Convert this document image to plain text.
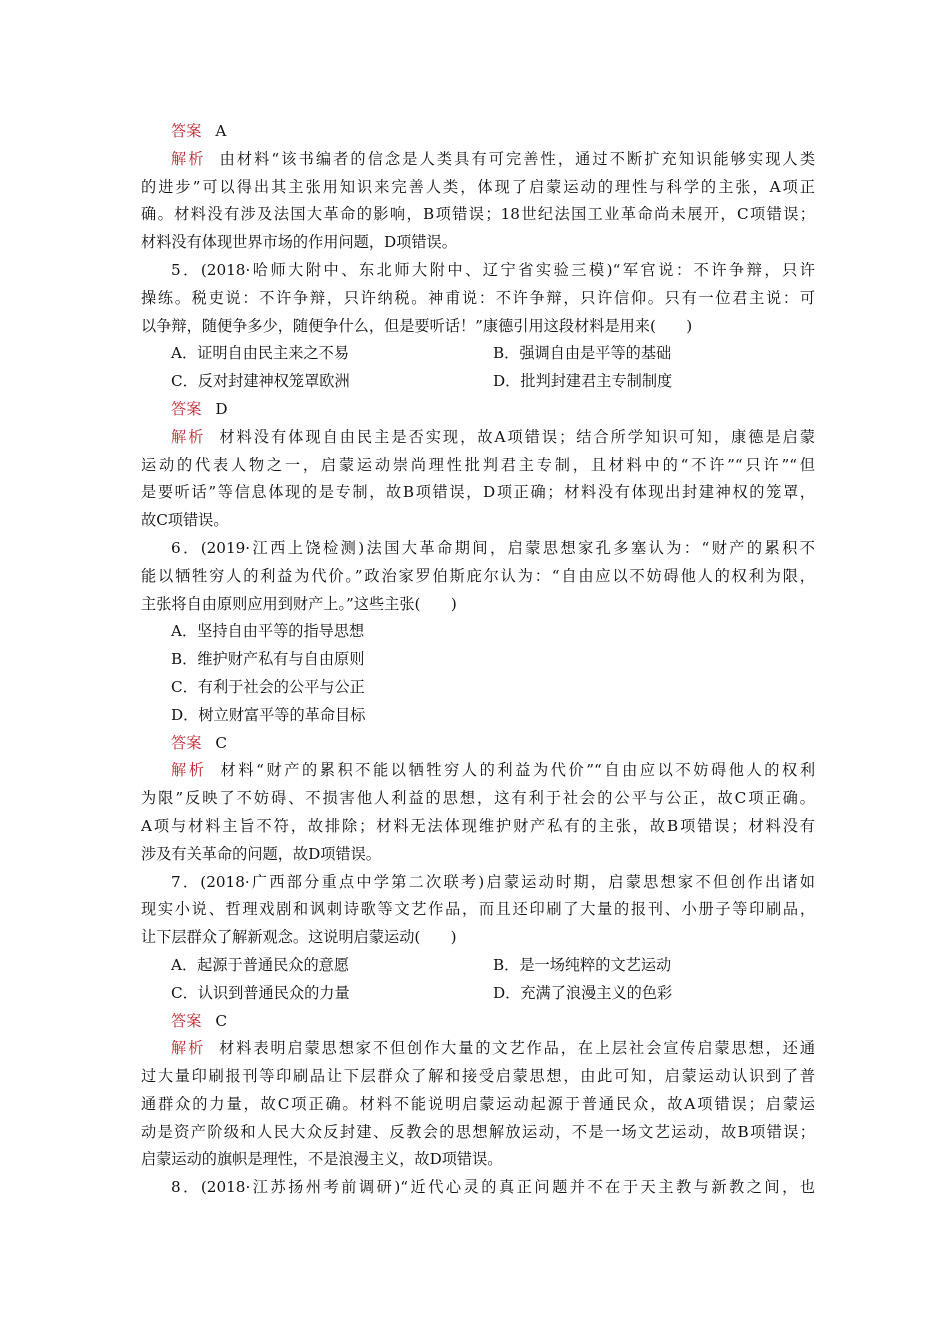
答案 A
解析 由材料“该书编者的信念是人类具有可完善性，通过不断扩充知识能够实现人类
的进步”可以得出其主张用知识来完善人类，体现了启蒙运动的理性与科学的主张，A项正
确。材料没有涉及法国大革命的影响，B项错误；18世纪法国工业革命尚未展开，C项错误；
材料没有体现世界市场的作用问题，D项错误。
5．(2018·哈师大附中、东北师大附中、辽宁省实验三模)“军官说：不许争辩，只许
操练。税吏说：不许争辩，只许纳税。神甫说：不许争辩，只许信仰。只有一位君主说：可
以争辩，随便争多少，随便争什么，但是要听话！”康德引用这段材料是用来(　　)
A．证明自由民主来之不易	B．强调自由是平等的基础
C．反对封建神权笼罩欧洲	D．批判封建君主专制制度
答案 D
解析 材料没有体现自由民主是否实现，故A项错误；结合所学知识可知，康德是启蒙
运动的代表人物之一，启蒙运动崇尚理性批判君主专制，且材料中的“不许”“只许”“但
是要听话”等信息体现的是专制，故B项错误，D项正确；材料没有体现出封建神权的笼罩，
故C项错误。
6．(2019·江西上饶检测)法国大革命期间，启蒙思想家孔多塞认为：“财产的累积不
能以牺牲穷人的利益为代价。”政治家罗伯斯庇尔认为：“自由应以不妨碍他人的权利为限，
主张将自由原则应用到财产上。”这些主张(　　)
A．坚持自由平等的指导思想
B．维护财产私有与自由原则
C．有利于社会的公平与公正
D．树立财富平等的革命目标
答案 C
解析 材料“财产的累积不能以牺牲穷人的利益为代价”“自由应以不妨碍他人的权利
为限”反映了不妨碍、不损害他人利益的思想，这有利于社会的公平与公正，故C项正确。
A项与材料主旨不符，故排除；材料无法体现维护财产私有的主张，故B项错误；材料没有
涉及有关革命的问题，故D项错误。
7．(2018·广西部分重点中学第二次联考)启蒙运动时期，启蒙思想家不但创作出诸如
现实小说、哲理戏剧和讽刺诗歌等文艺作品，而且还印刷了大量的报刊、小册子等印刷品，
让下层群众了解新观念。这说明启蒙运动(　　)
A．起源于普通民众的意愿	B．是一场纯粹的文艺运动
C．认识到普通民众的力量	D．充满了浪漫主义的色彩
答案 C
解析 材料表明启蒙思想家不但创作大量的文艺作品，在上层社会宣传启蒙思想，还通
过大量印刷报刊等印刷品让下层群众了解和接受启蒙思想，由此可知，启蒙运动认识到了普
通群众的力量，故C项正确。材料不能说明启蒙运动起源于普通民众，故A项错误；启蒙运
动是资产阶级和人民大众反封建、反教会的思想解放运动，不是一场文艺运动，故B项错误；
启蒙运动的旗帜是理性，不是浪漫主义，故D项错误。
8．(2018·江苏扬州考前调研)“近代心灵的真正问题并不在于天主教与新教之间，也
